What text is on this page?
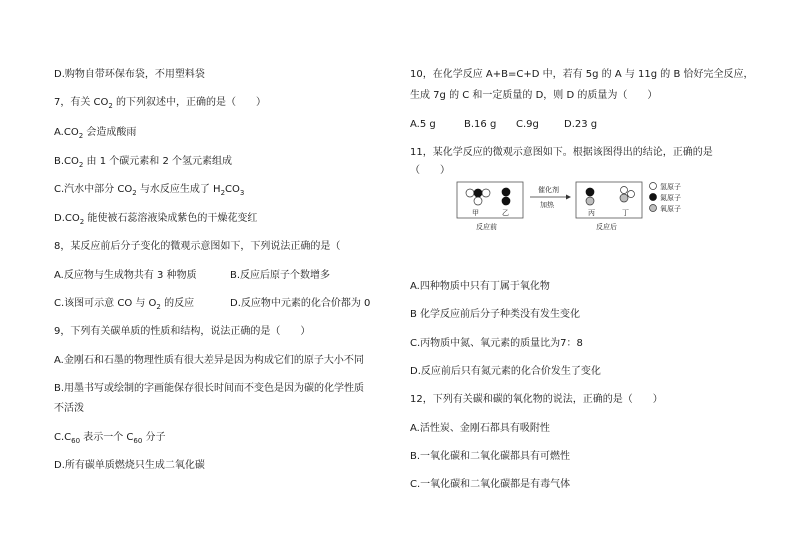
D.购物自带环保布袋，不用塑料袋
7，有关 $CO_2$ 的下列叙述中，正确的是（　　）
$A.CO_2$ 会造成酸雨
$B.CO_2$ 由 1 个碳元素和 2 个氢元素组成
C.汽水中部分 $CO_2$ 与水反应生成了 $H_2CO_3$
$D.CO_2$ 能使被石蕊溶液染成紫色的干燥花变红
8，某反应前后分子变化的微观示意图如下，下列说法正确的是（
A.反应物与生成物共有 3 种物质	B.反应后原子个数增多
C.该图可示意 CO 与 $O_2$ 的反应	D.反应物中元素的化合价都为 0
9，下列有关碳单质的性质和结构，说法正确的是（　　）
A.金刚石和石墨的物理性质有很大差异是因为构成它们的原子大小不同
B.用墨书写或绘制的字画能保存很长时间而不变色是因为碳的化学性质
不活泼
$C.C_{60}$ 表示一个 $C_{60}$ 分子
D.所有碳单质燃烧只生成二氧化碳
10，在化学反应 A+B=C+D 中，若有 5g 的 A 与 11g 的 B 恰好完全反应，
生成 7g 的 C 和一定质量的 D，则 D 的质量为（　　）
A.5 g	B.16 g C.9g	D.23 g
11，某化学反应的微观示意图如下。根据该图得出的结论，正确的是
（　　）
A.四种物质中只有丁属于氧化物
B 化学反应前后分子种类没有发生变化
C.丙物质中氮、氧元素的质量比为7：8
D.反应前后只有氮元素的化合价发生了变化
12，下列有关碳和碳的氧化物的说法，正确的是（　　）
A.活性炭、金刚石都具有吸附性
B.一氧化碳和二氧化碳都具有可燃性
C.一氧化碳和二氧化碳都是有毒气体
甲	乙
催化剂
加热
丙	丁
反应前	反应后
氢原子
氮原子
氧原子
